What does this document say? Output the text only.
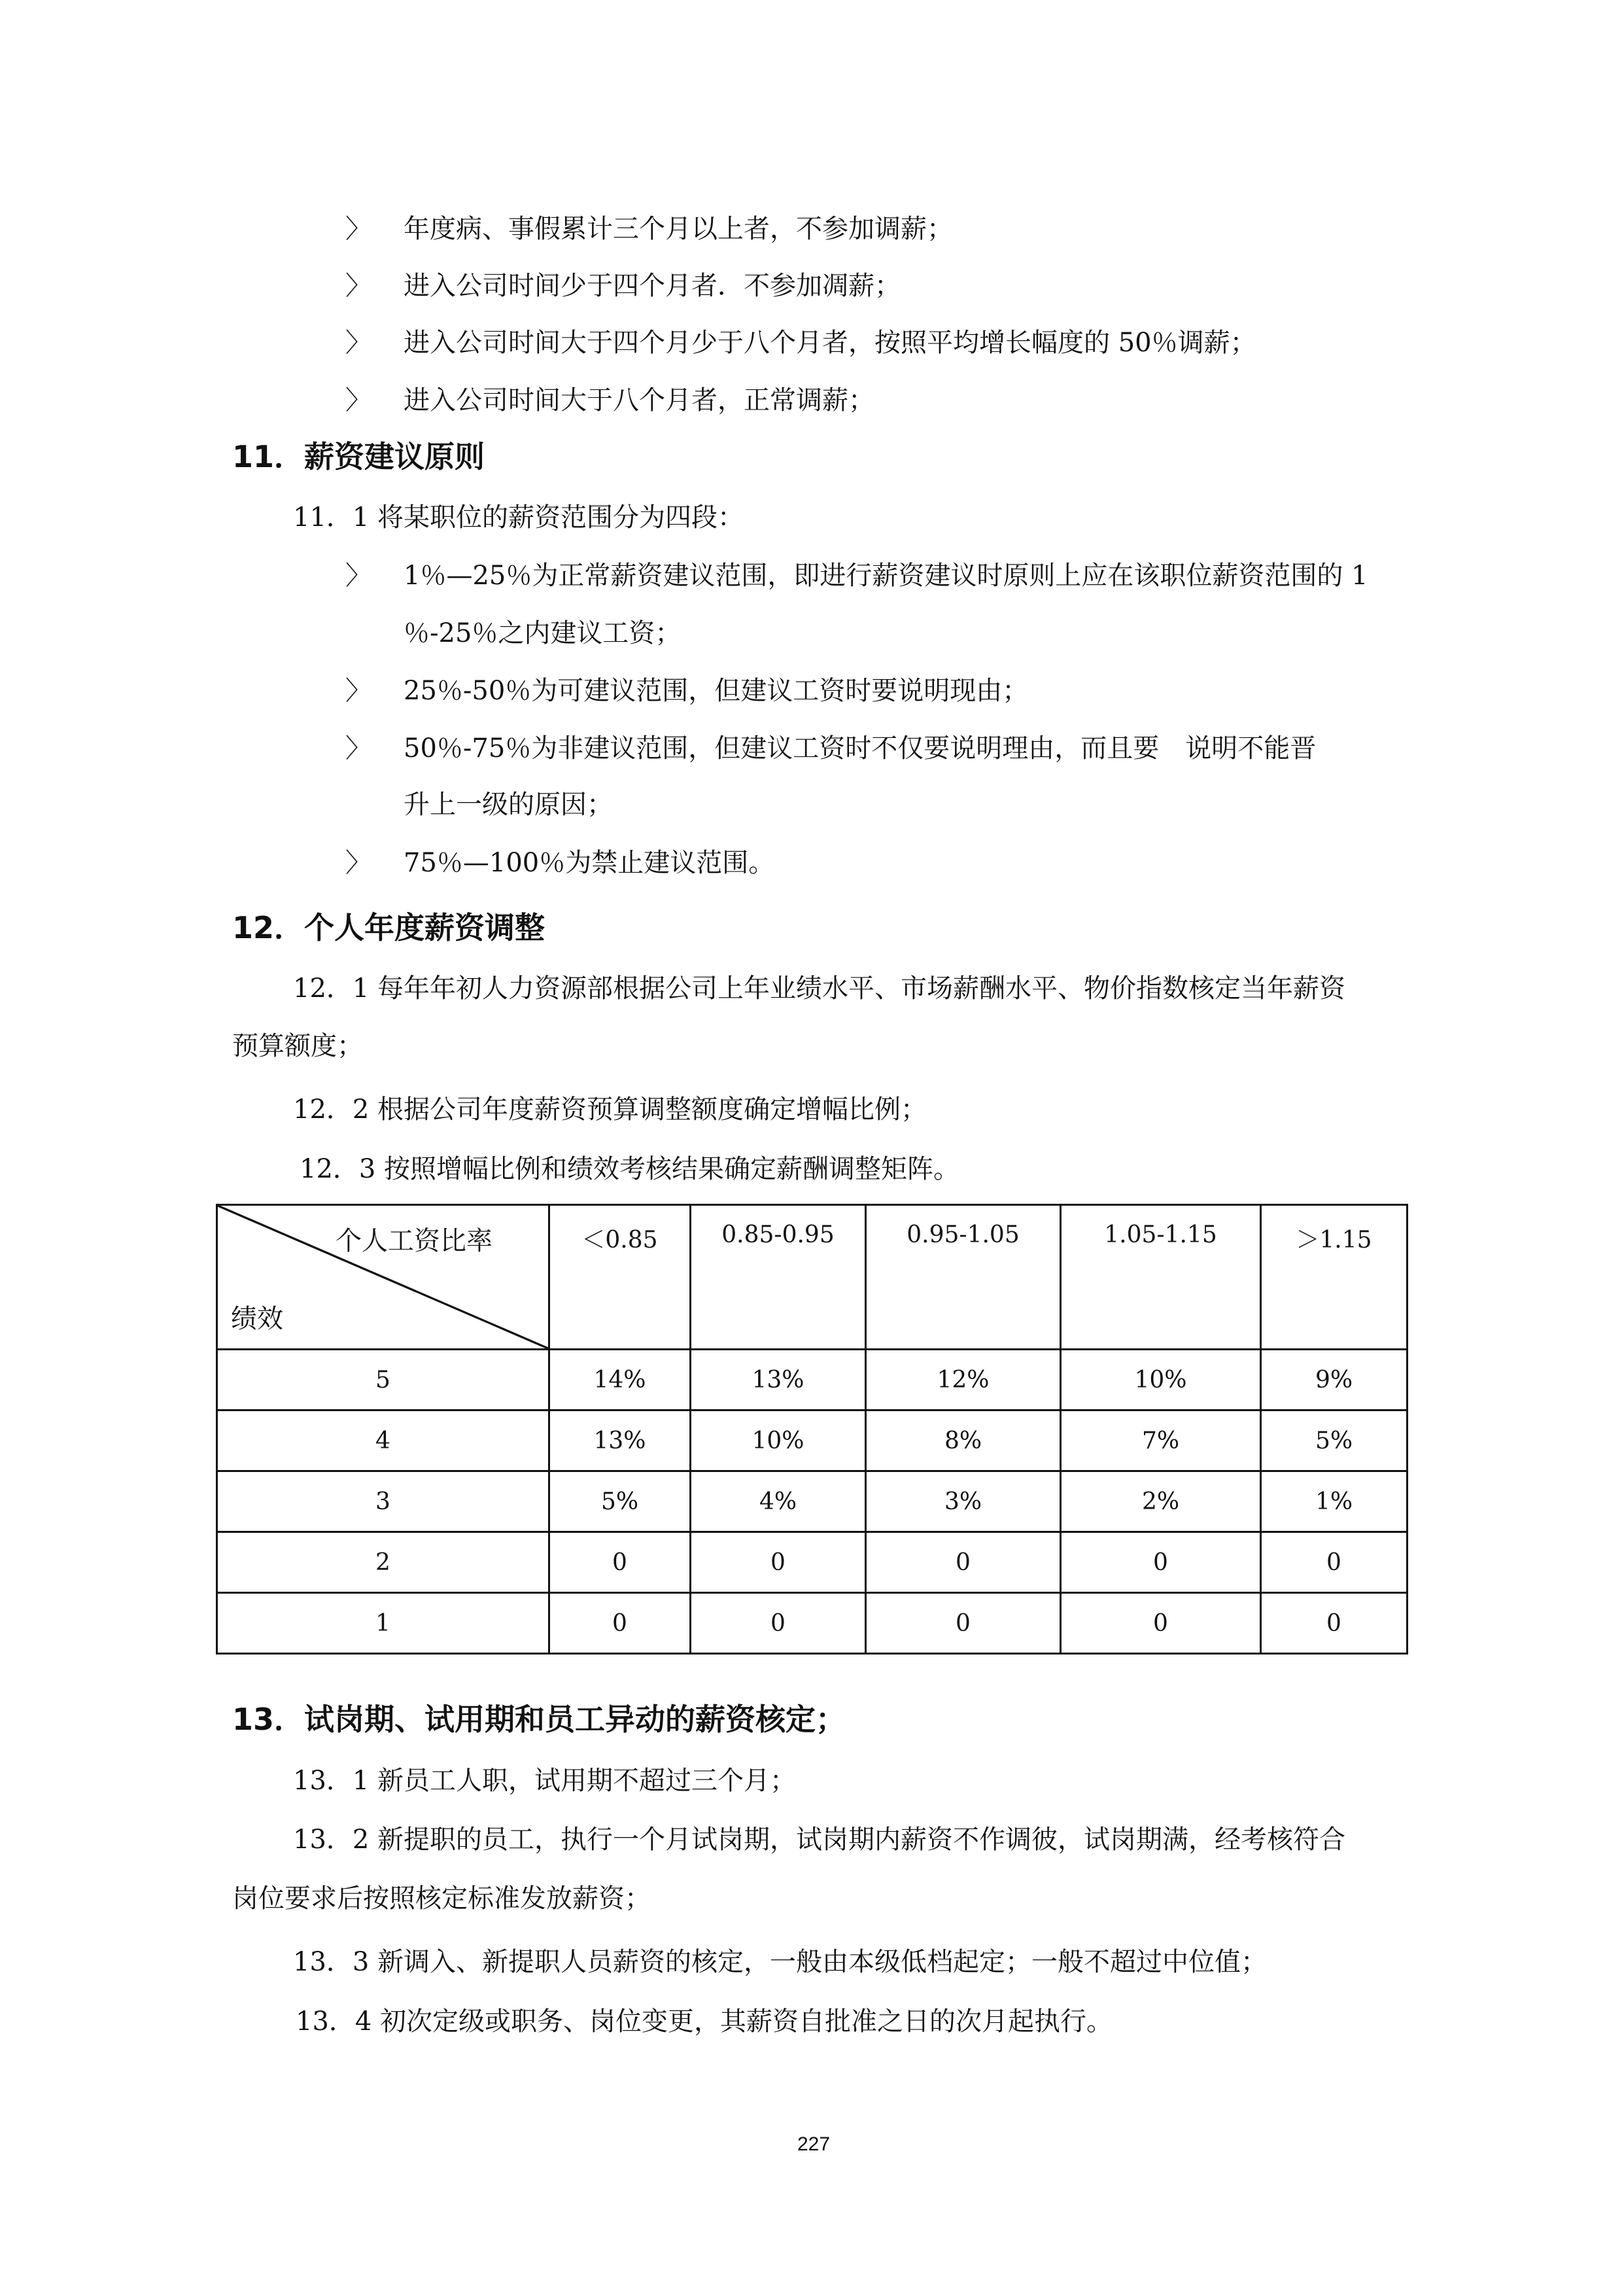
〉 年度病、事假累计三个月以上者，不参加调薪；
〉 进入公司时间少于四个月者．不参加凋薪；
〉 进入公司时间大于四个月少于八个月者，按照平均增长幅度的 50％调薪；
〉 进入公司时间大于八个月者，正常调薪；
11．薪资建议原则
11．1 将某职位的薪资范围分为四段：
〉 1％—25％为正常薪资建议范围，即进行薪资建议时原则上应在该职位薪资范围的 1
％-25％之内建议工资；
〉 25％-50％为可建议范围，但建议工资时要说明现由；
〉 50％-75％为非建议范围，但建议工资时不仅要说明理由，而且要　说明不能晋
升上一级的原因；
〉 75％—100％为禁止建议范围。
12．个人年度薪资调整
12．1 每年年初人力资源部根据公司上年业绩水平、市场薪酬水平、物价指数核定当年薪资
预算额度；
12．2 根据公司年度薪资预算调整额度确定增幅比例；
12．3 按照增幅比例和绩效考核结果确定薪酬调整矩阵。
个人工资比率
绩效	＜0.85	0.85-0.95	0.95-1.05	1.05-1.15	＞1.15
5	14%	13%	12%	10%	9%
4	13%	10%	8%	7%	5%
3	5%	4%	3%	2%	1%
2	0	0	0	0	0
1	0	0	0	0	0
13．试岗期、试用期和员工异动的薪资核定；
13．1 新员工人职，试用期不超过三个月；
13．2 新提职的员工，执行一个月试岗期，试岗期内薪资不作调彼，试岗期满，经考核符合
岗位要求后按照核定标准发放薪资；
13．3 新调入、新提职人员薪资的核定，一般由本级低档起定；一般不超过中位值；
13．4 初次定级或职务、岗位变更，其薪资自批准之日的次月起执行。
227
